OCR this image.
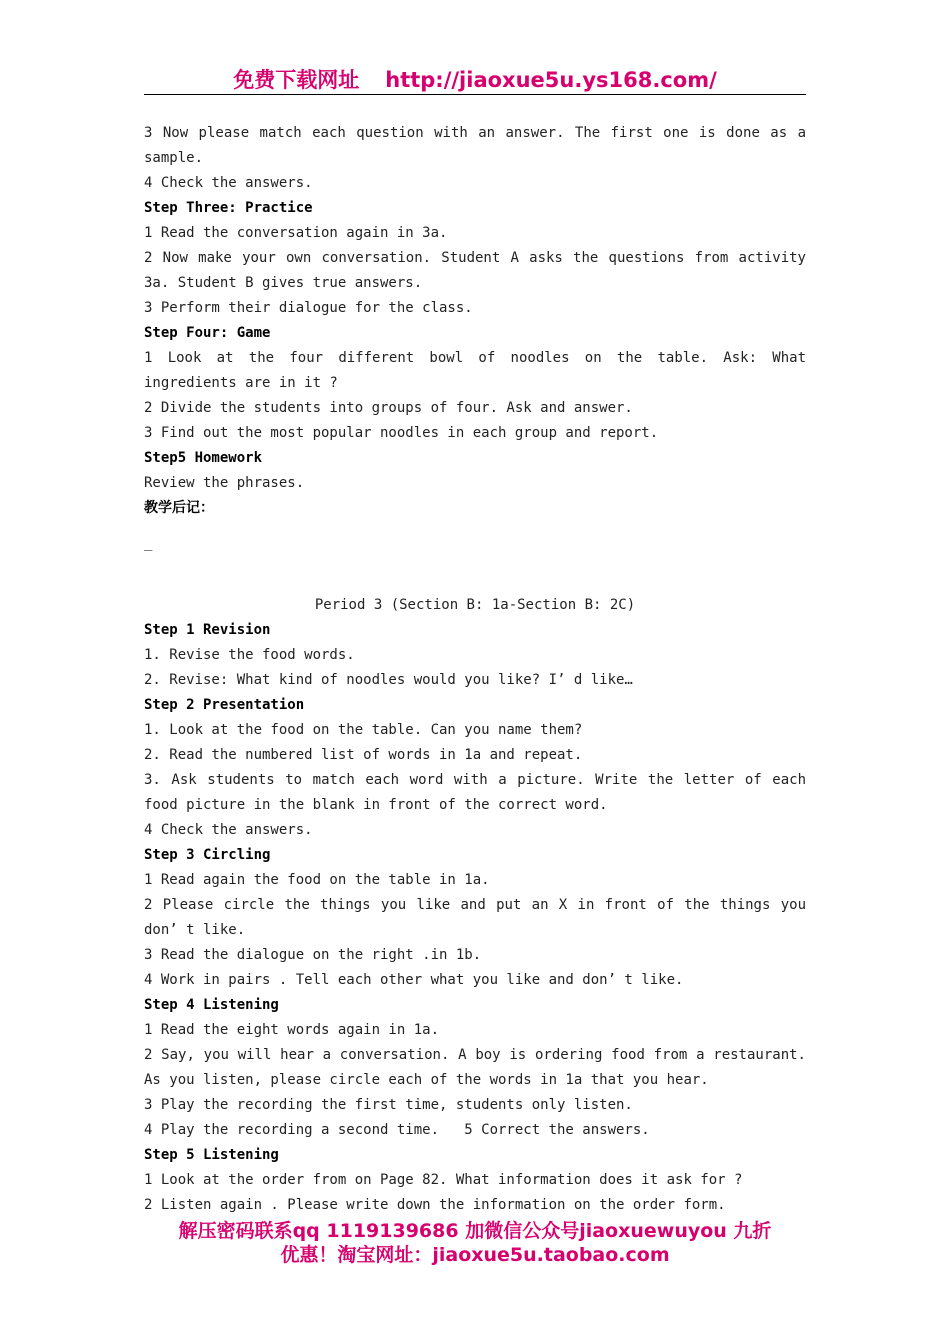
免费下载网址 http://jiaoxue5u.ys168.com/
3 Now please match each question with an answer. The first one is done as a
sample.
4 Check the answers.
Step Three: Practice
1 Read the conversation again in 3a.
2 Now make your own conversation. Student A asks the questions from activity
3a. Student B gives true answers.
3 Perform their dialogue for the class.
Step Four: Game
1 Look at the four different bowl of noodles on the table. Ask: What
ingredients are in it ?
2 Divide the students into groups of four. Ask and answer.
3 Find out the most popular noodles in each group and report.
Step5 Homework
Review the phrases.
教学后记：
_
Period 3 (Section B: 1a-Section B: 2C)
Step 1 Revision
1. Revise the food words.
2. Revise: What kind of noodles would you like? I’ d like…
Step 2 Presentation
1. Look at the food on the table. Can you name them?
2. Read the numbered list of words in 1a and repeat.
3. Ask students to match each word with a picture. Write the letter of each
food picture in the blank in front of the correct word.
4 Check the answers.
Step 3 Circling
1 Read again the food on the table in 1a.
2 Please circle the things you like and put an X in front of the things you
don’ t like.
3 Read the dialogue on the right .in 1b.
4 Work in pairs . Tell each other what you like and don’ t like.
Step 4 Listening
1 Read the eight words again in 1a.
2 Say, you will hear a conversation. A boy is ordering food from a restaurant.
As you listen, please circle each of the words in 1a that you hear.
3 Play the recording the first time, students only listen.
4 Play the recording a second time.   5 Correct the answers.
Step 5 Listening
1 Look at the order from on Page 82. What information does it ask for ?
2 Listen again . Please write down the information on the order form.
解压密码联系qq 1119139686 加微信公众号jiaoxuewuyou 九折
优惠！淘宝网址：jiaoxue5u.taobao.com
